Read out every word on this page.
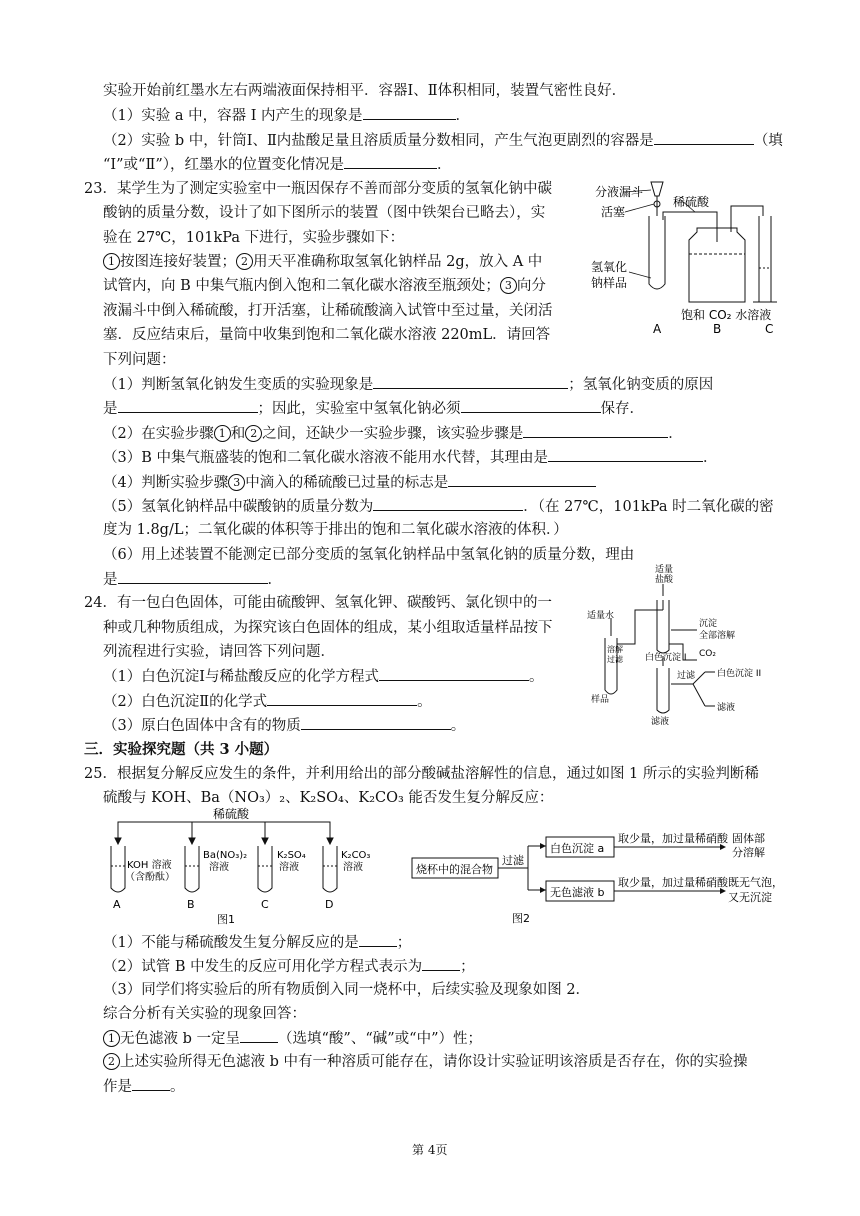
实验开始前红墨水左右两端液面保持相平．容器Ⅰ、Ⅱ体积相同，装置气密性良好．
（1）实验 a 中，容器 I 内产生的现象是	．
（2）实验 b 中，针筒Ⅰ、Ⅱ内盐酸足量且溶质质量分数相同，产生气泡更剧烈的容器是	（填
“Ⅰ”或“Ⅱ”），红墨水的位置变化情况是	．
23．某学生为了测定实验室中一瓶因保存不善而部分变质的氢氧化钠中碳
酸钠的质量分数，设计了如下图所示的装置（图中铁架台已略去），实
验在 27℃，101kPa 下进行，实验步骤如下：
1 按图连接好装置； 2 用天平准确称取氢氧化钠样品 2g，放入 A 中
试管内，向 B 中集气瓶内倒入饱和二氧化碳水溶液至瓶颈处； 3 向分
液漏斗中倒入稀硫酸，打开活塞，让稀硫酸滴入试管中至过量，关闭活
塞．反应结束后，量筒中收集到饱和二氧化碳水溶液 220mL．请回答
下列问题：
（1）判断氢氧化钠发生变质的实验现象是	；氢氧化钠变质的原因
是	；因此，实验室中氢氧化钠必须	保存．
（2）在实验步骤 1 和 2 之间，还缺少一实验步骤，该实验步骤是	．
（3）B 中集气瓶盛装的饱和二氧化碳水溶液不能用水代替，其理由是	．
（4）判断实验步骤 3 中滴入的稀硫酸已过量的标志是
（5）氢氧化钠样品中碳酸钠的质量分数为	．（在 27℃，101kPa 时二氧化碳的密
度为 1.8g/L；二氧化碳的体积等于排出的饱和二氧化碳水溶液的体积．）
（6）用上述装置不能测定已部分变质的氢氧化钠样品中氢氧化钠的质量分数，理由
是	．
分液漏斗
活塞
稀硫酸
氢氧化
钠样品
饱和 CO₂ 水溶液
A	B	C
24．有一包白色固体，可能由硫酸钾、氢氧化钾、碳酸钙、氯化钡中的一
种或几种物质组成，为探究该白色固体的组成，某小组取适量样品按下
列流程进行实验，请回答下列问题．
（1）白色沉淀Ⅰ与稀盐酸反应的化学方程式	。
（2）白色沉淀Ⅱ的化学式	。
（3）原白色固体中含有的物质	。
适量
盐酸
适量水
溶解
过滤
沉淀
全部溶解
白色沉淀 I CO₂
样品
过滤 白色沉淀 II
滤液
滤液
三．实验探究题（共 3 小题）
25．根据复分解反应发生的条件，并利用给出的部分酸碱盐溶解性的信息，通过如图 1 所示的实验判断稀
硫酸与 KOH、Ba（NO₃）₂、K₂SO₄、K₂CO₃ 能否发生复分解反应：
稀硫酸
KOH 溶液
（含酚酞）
Ba(NO₃)₂
溶液
K₂SO₄
溶液
K₂CO₃
溶液
A	B	C	D
图1
烧杯中的混合物
过滤
白色沉淀 a
无色滤液 b
取少量，加过量稀硝酸
取少量，加过量稀硝酸
固体部
分溶解
既无气泡，
又无沉淀
图2
（1）不能与稀硫酸发生复分解反应的是	；
（2）试管 B 中发生的反应可用化学方程式表示为	；
（3）同学们将实验后的所有物质倒入同一烧杯中，后续实验及现象如图 2．
综合分析有关实验的现象回答：
1 无色滤液 b 一定呈	（选填“酸”、“碱”或“中”）性；
2 上述实验所得无色滤液 b 中有一种溶质可能存在，请你设计实验证明该溶质是否存在，你的实验操
作是	。
第 4页
